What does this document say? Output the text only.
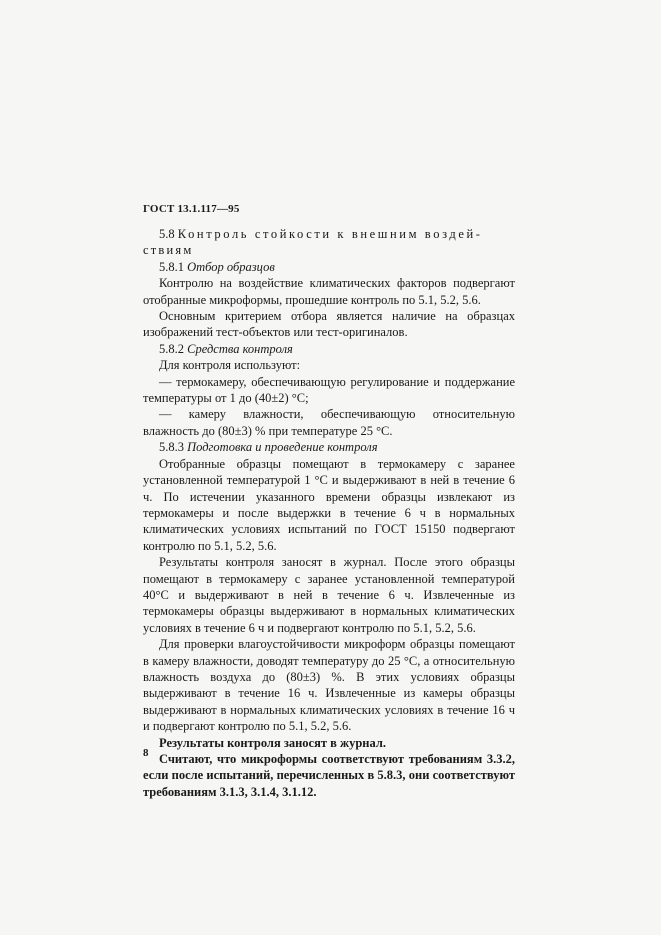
ГОСТ 13.1.117—95

5.8 Контроль стойкости к внешним воздей-

ствиям

5.8.1 Отбор образцов

Контролю на воздействие климатических факторов подвергают отобранные микроформы, прошедшие контроль по 5.1, 5.2, 5.6.

Основным критерием отбора является наличие на образцах изображений тест-объектов или тест-оригиналов.

5.8.2 Средства контроля

Для контроля используют:

— термокамеру, обеспечивающую регулирование и поддержание температуры от 1 до (40±2) °С;

— камеру влажности, обеспечивающую относительную влажность до (80±3) % при температуре 25 °С.

5.8.3 Подготовка и проведение контроля

Отобранные образцы помещают в термокамеру с заранее установленной температурой 1 °С и выдерживают в ней в течение 6 ч. По истечении указанного времени образцы извлекают из термокамеры и после выдержки в течение 6 ч в нормальных климатических условиях испытаний по ГОСТ 15150 подвергают контролю по 5.1, 5.2, 5.6.

Результаты контроля заносят в журнал. После этого образцы помещают в термокамеру с заранее установленной температурой 40°С и выдерживают в ней в течение 6 ч. Извлеченные из термокамеры образцы выдерживают в нормальных климатических условиях в течение 6 ч и подвергают контролю по 5.1, 5.2, 5.6.

Для проверки влагоустойчивости микроформ образцы помещают в камеру влажности, доводят температуру до 25 °С, а относительную влажность воздуха до (80±3) %. В этих условиях образцы выдерживают в течение 16 ч. Извлеченные из камеры образцы выдерживают в нормальных климатических условиях в течение 16 ч и подвергают контролю по 5.1, 5.2, 5.6.

Результаты контроля заносят в журнал.

Считают, что микроформы соответствуют требованиям 3.3.2, если после испытаний, перечисленных в 5.8.3, они соответствуют требованиям 3.1.3, 3.1.4, 3.1.12.

8
